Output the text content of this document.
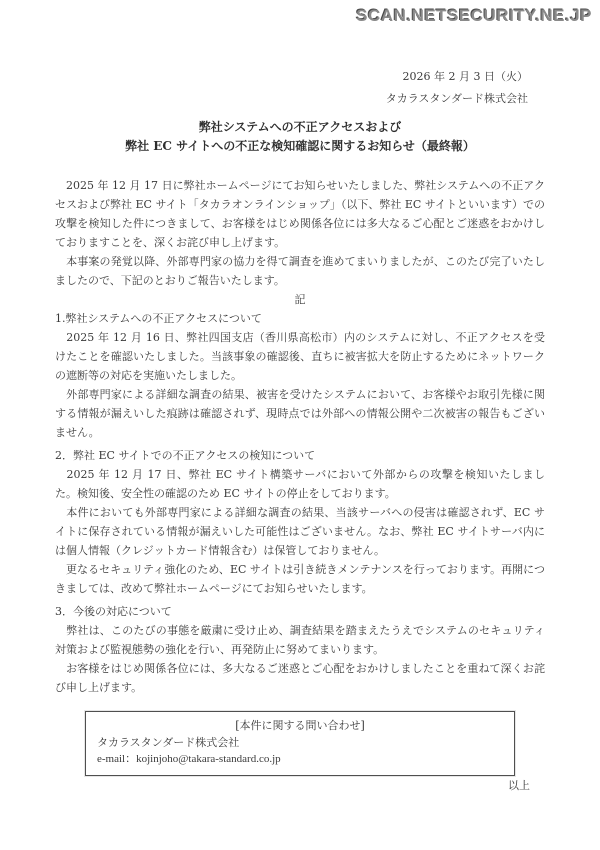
SCAN.NETSECURITY.NE.JP
2026 年 2 月 3 日（火）
タカラスタンダード株式会社
弊社システムへの不正アクセスおよび
弊社 EC サイトへの不正な検知確認に関するお知らせ（最終報）

　2025 年 12 月 17 日に弊社ホームページにてお知らせいたしました、弊社システムへの不正アクセスおよび弊社 EC サイト「タカラオンラインショップ」（以下、弊社 EC サイトといいます）での攻撃を検知した件につきまして、お客様をはじめ関係各位には多大なるご心配とご迷惑をおかけしておりますことを、深くお詫び申し上げます。

　本事案の発覚以降、外部専門家の協力を得て調査を進めてまいりましたが、このたび完了いたしましたので、下記のとおりご報告いたします。

記

1.弊社システムへの不正アクセスについて

　2025 年 12 月 16 日、弊社四国支店（香川県高松市）内のシステムに対し、不正アクセスを受けたことを確認いたしました。当該事象の確認後、直ちに被害拡大を防止するためにネットワークの遮断等の対応を実施いたしました。

　外部専門家による詳細な調査の結果、被害を受けたシステムにおいて、お客様やお取引先様に関する情報が漏えいした痕跡は確認されず、現時点では外部への情報公開や二次被害の報告もございません。

2．弊社 EC サイトでの不正アクセスの検知について

　2025 年 12 月 17 日、弊社 EC サイト構築サーバにおいて外部からの攻撃を検知いたしました。検知後、安全性の確認のため EC サイトの停止をしております。

　本件においても外部専門家による詳細な調査の結果、当該サーバへの侵害は確認されず、EC サイトに保存されている情報が漏えいした可能性はございません。なお、弊社 EC サイトサーバ内には個人情報（クレジットカード情報含む）は保管しておりません。

　更なるセキュリティ強化のため、EC サイトは引き続きメンテナンスを行っております。再開につきましては、改めて弊社ホームページにてお知らせいたします。

3．今後の対応について

　弊社は、このたびの事態を厳粛に受け止め、調査結果を踏まえたうえでシステムのセキュリティ対策および監視態勢の強化を行い、再発防止に努めてまいります。

　お客様をはじめ関係各位には、多大なるご迷惑とご心配をおかけしましたことを重ねて深くお詫び申し上げます。

[本件に関する問い合わせ]

タカラスタンダード株式会社

e-mail：kojinjoho@takara-standard.co.jp

以上
